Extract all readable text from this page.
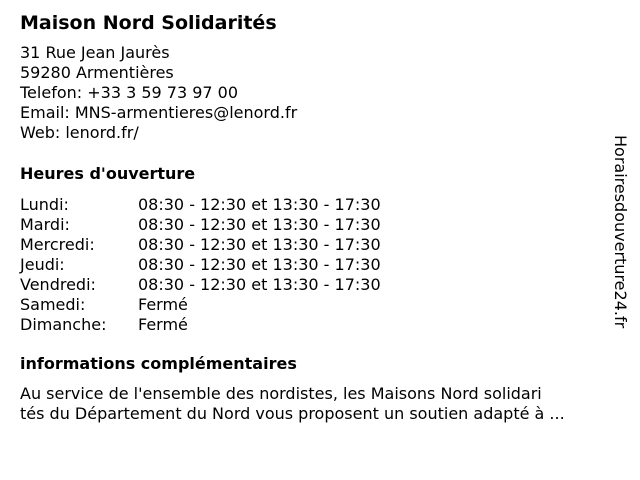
Maison Nord Solidarités
31 Rue Jean Jaurès
59280 Armentières
Telefon: +33 3 59 73 97 00
Email: MNS-armentieres@lenord.fr
Web: lenord.fr/
Heures d'ouverture
Lundi:	08:30 - 12:30 et 13:30 - 17:30
Mardi:	08:30 - 12:30 et 13:30 - 17:30
Mercredi:	08:30 - 12:30 et 13:30 - 17:30
Jeudi:	08:30 - 12:30 et 13:30 - 17:30
Vendredi:	08:30 - 12:30 et 13:30 - 17:30
Samedi:	Fermé
Dimanche:	Fermé
informations complémentaires
Au service de l'ensemble des nordistes, les Maisons Nord solidari
tés du Département du Nord vous proposent un soutien adapté à ...
Horairesdouverture24.fr
